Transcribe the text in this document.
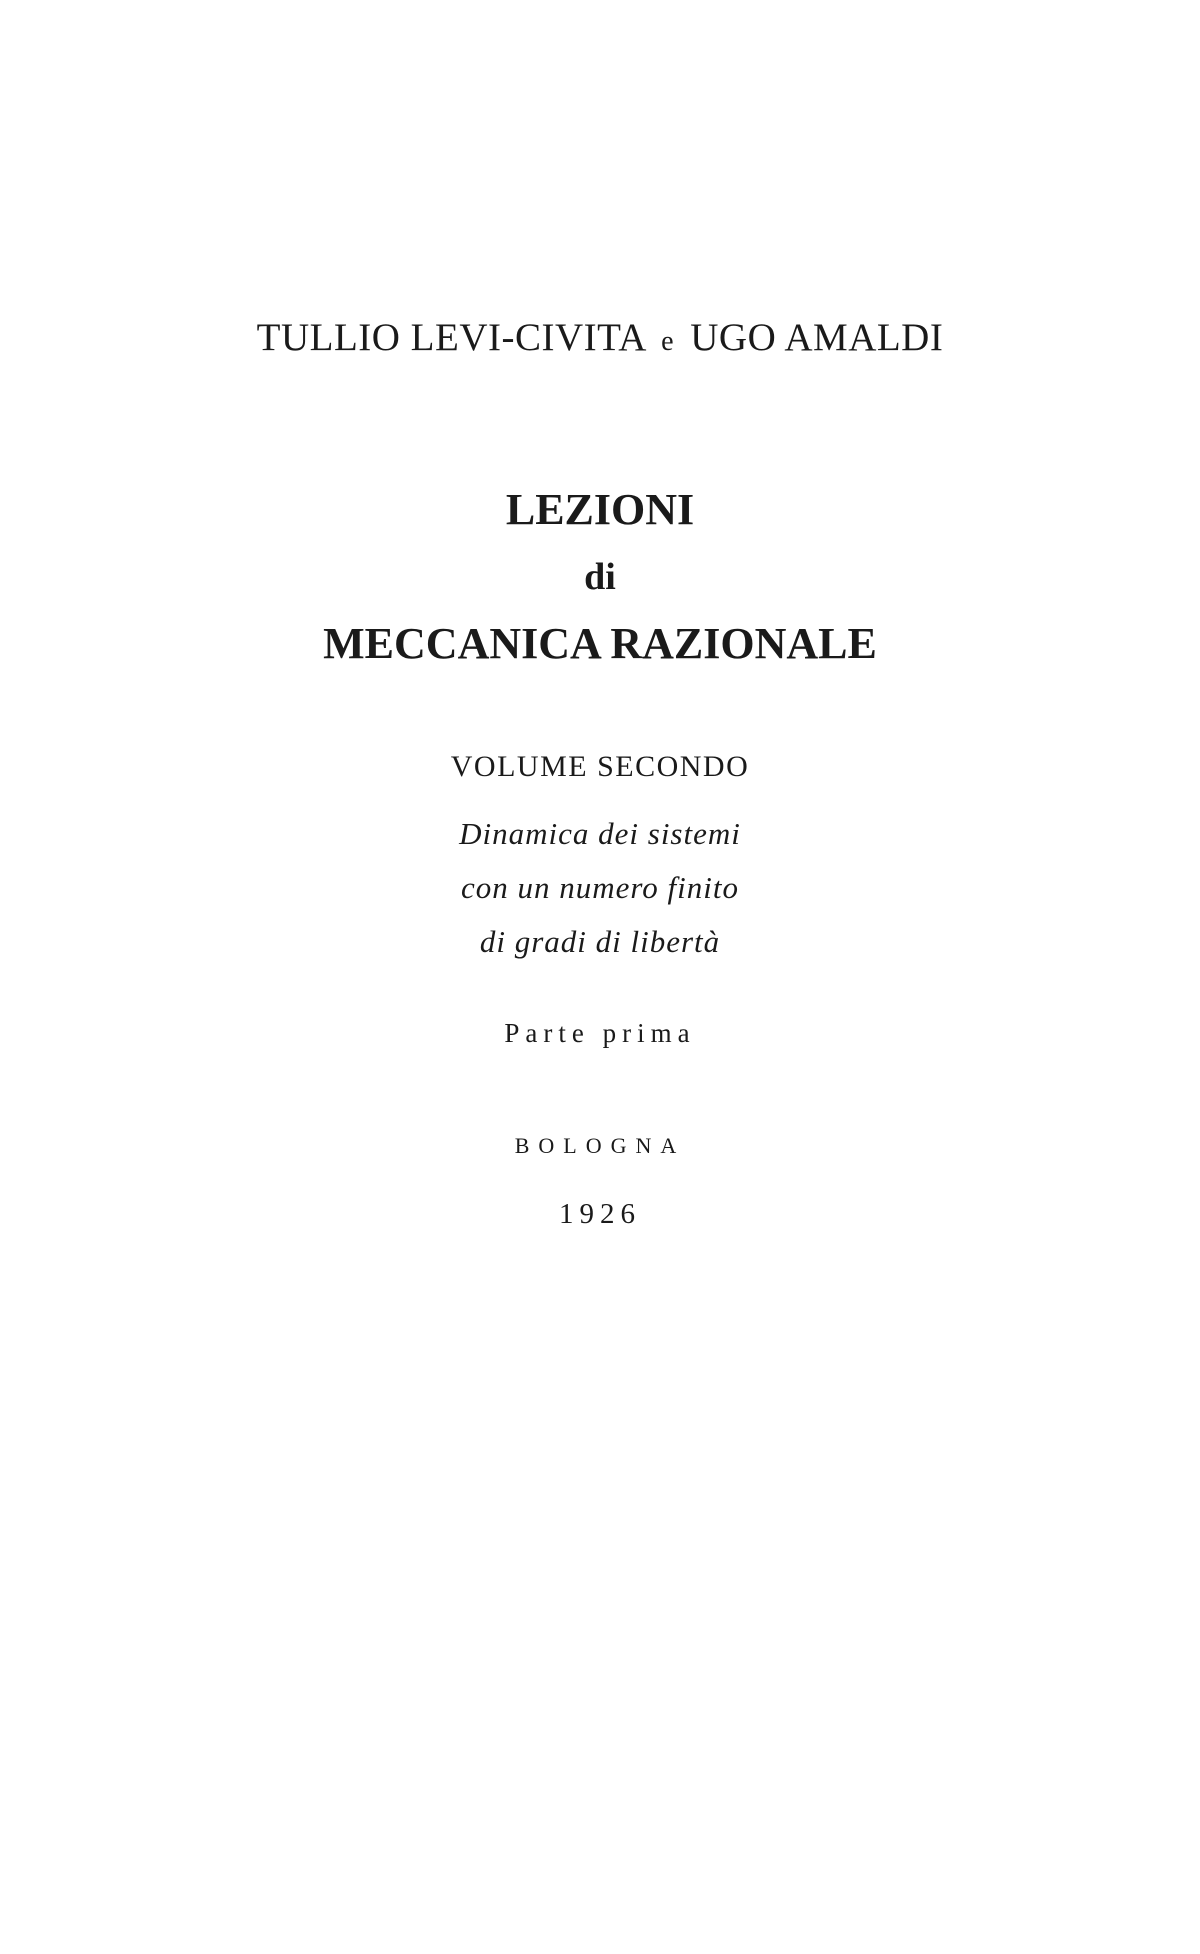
TULLIO LEVI-CIVITA e UGO AMALDI
LEZIONI
di
MECCANICA RAZIONALE
VOLUME SECONDO
Dinamica dei sistemi
con un numero finito
di gradi di libertà
Parte prima
BOLOGNA
1926
